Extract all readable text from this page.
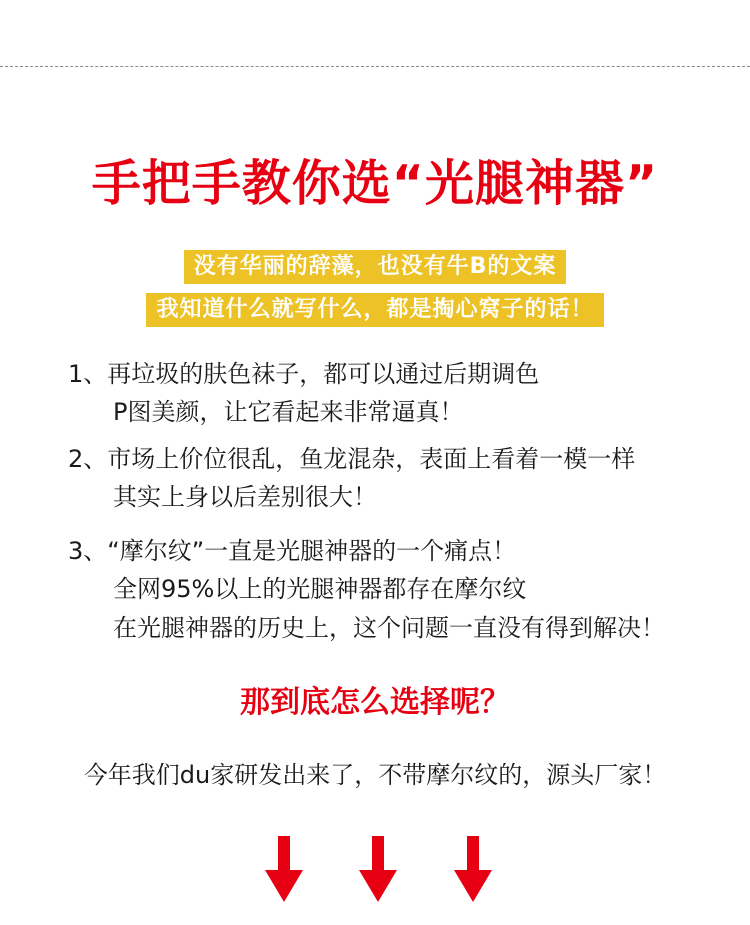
手把手教你选“光腿神器”
没有华丽的辞藻，也没有牛B的文案
我知道什么就写什么，都是掏心窝子的话！
1、再垃圾的肤色袜子，都可以通过后期调色
P图美颜，让它看起来非常逼真！
2、市场上价位很乱，鱼龙混杂，表面上看着一模一样
其实上身以后差别很大！
3、“摩尔纹”一直是光腿神器的一个痛点！
全网95%以上的光腿神器都存在摩尔纹
在光腿神器的历史上，这个问题一直没有得到解决！
那到底怎么选择呢？
今年我们du家研发出来了，不带摩尔纹的，源头厂家！
